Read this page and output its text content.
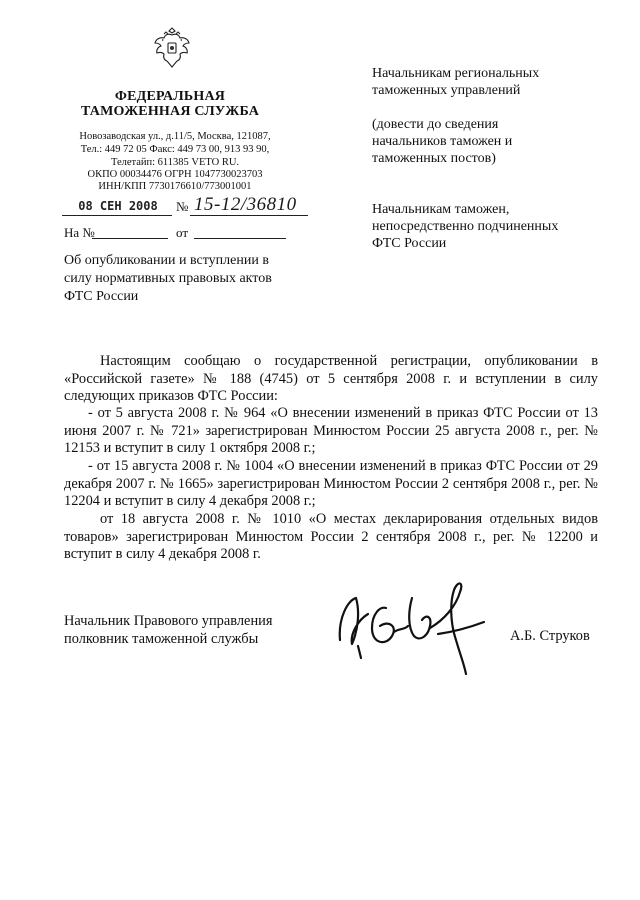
ФЕДЕРАЛЬНАЯ
ТАМОЖЕННАЯ СЛУЖБА
Новозаводская ул., д.11/5, Москва, 121087,
Тел.: 449 72 05 Факс: 449 73 00, 913 93 90,
Телетайп: 611385 VETO RU.
ОКПО 00034476 ОГРН 1047730023703
ИНН/КПП 7730176610/773001001
08 СЕН 2008 № 15-12/36810
На №	от
Об опубликовании и вступлении в
силу нормативных правовых актов
ФТС России
Начальникам региональных
таможенных управлений
(довести до сведения
начальников таможен и
таможенных постов)
Начальникам таможен,
непосредственно подчиненных
ФТС России
Настоящим сообщаю о государственной регистрации, опубликовании в «Российской газете» № 188 (4745) от 5 сентября 2008 г. и вступлении в силу следующих приказов ФТС России:
- от 5 августа 2008 г. № 964 «О внесении изменений в приказ ФТС России от 13 июня 2007 г. № 721» зарегистрирован Минюстом России 25 августа 2008 г., рег. № 12153 и вступит в силу 1 октября 2008 г.;
- от 15 августа 2008 г. № 1004 «О внесении изменений в приказ ФТС России от 29 декабря 2007 г. № 1665» зарегистрирован Минюстом России 2 сентября 2008 г., рег. № 12204 и вступит в силу 4 декабря 2008 г.;
от 18 августа 2008 г. № 1010 «О местах декларирования отдельных видов товаров» зарегистрирован Минюстом России 2 сентября 2008 г., рег. № 12200 и вступит в силу 4 декабря 2008 г.
Начальник Правового управления
полковник таможенной службы	А.Б. Струков
